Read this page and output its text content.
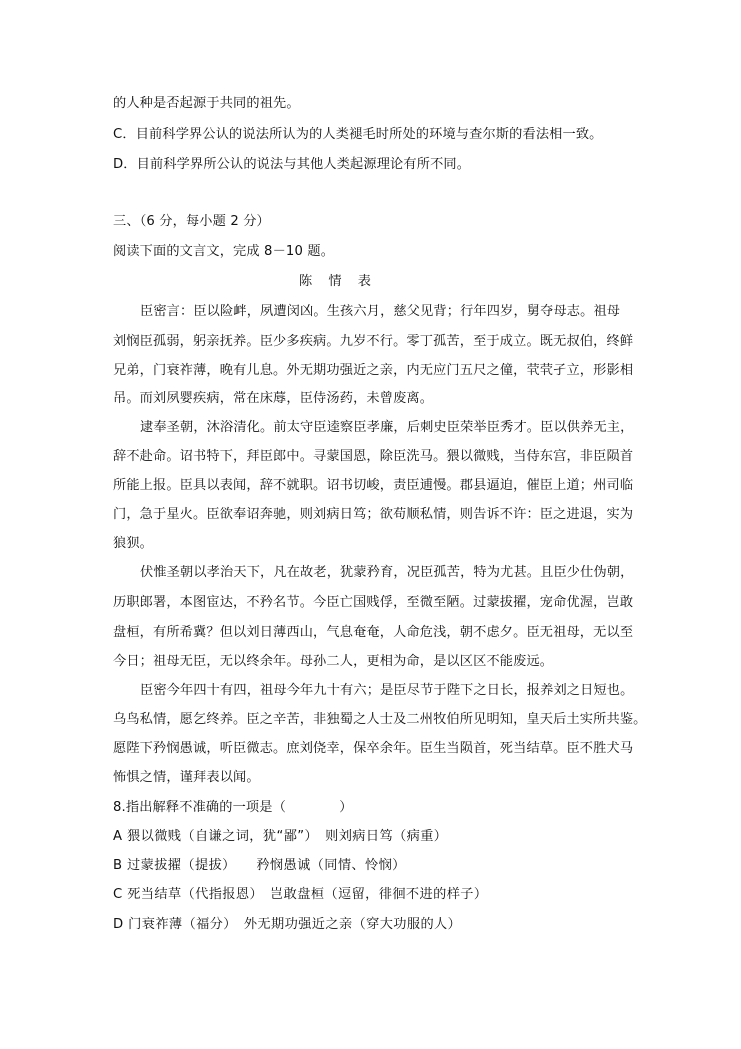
的人种是否起源于共同的祖先。
C．目前科学界公认的说法所认为的人类褪毛时所处的环境与查尔斯的看法相一致。
D．目前科学界所公认的说法与其他人类起源理论有所不同。
三、（6 分，每小题 2 分）
阅读下面的文言文，完成 8－10 题。
陈 情 表
臣密言：臣以险衅，夙遭闵凶。生孩六月，慈父见背；行年四岁，舅夺母志。祖母
刘悯臣孤弱，躬亲抚养。臣少多疾病。九岁不行。零丁孤苦，至于成立。既无叔伯，终鲜
兄弟，门衰祚薄，晚有儿息。外无期功强近之亲，内无应门五尺之僮，茕茕孑立，形影相
吊。而刘夙婴疾病，常在床蓐，臣侍汤药，未曾废离。
逮奉圣朝，沐浴清化。前太守臣逵察臣孝廉，后刺史臣荣举臣秀才。臣以供养无主，
辞不赴命。诏书特下，拜臣郎中。寻蒙国恩，除臣洗马。猥以微贱，当侍东宫，非臣陨首
所能上报。臣具以表闻，辞不就职。诏书切峻，责臣逋慢。郡县逼迫，催臣上道；州司临
门，急于星火。臣欲奉诏奔驰，则刘病日笃；欲苟顺私情，则告诉不许：臣之进退，实为
狼狈。
伏惟圣朝以孝治天下，凡在故老，犹蒙矜育，况臣孤苦，特为尤甚。且臣少仕伪朝，
历职郎署，本图宦达，不矜名节。今臣亡国贱俘，至微至陋。过蒙拔擢，宠命优渥，岂敢
盘桓，有所希冀？但以刘日薄西山，气息奄奄，人命危浅，朝不虑夕。臣无祖母，无以至
今日；祖母无臣，无以终余年。母孙二人，更相为命，是以区区不能废远。
臣密今年四十有四，祖母今年九十有六；是臣尽节于陛下之日长，报养刘之日短也。
乌鸟私情，愿乞终养。臣之辛苦，非独蜀之人士及二州牧伯所见明知，皇天后土实所共鉴。
愿陛下矜悯愚诚，听臣微志。庶刘侥幸，保卒余年。臣生当陨首，死当结草。臣不胜犬马
怖惧之情，谨拜表以闻。
8.指出解释不准确的一项是（　　　　）
A 猥以微贱（自谦之词，犹“鄙”）　则刘病日笃（病重）
B 过蒙拔擢（提拔）　　矜悯愚诚（同情、怜悯）
C 死当结草（代指报恩）　岂敢盘桓（逗留，徘徊不进的样子）
D 门衰祚薄（福分）　外无期功强近之亲（穿大功服的人）
